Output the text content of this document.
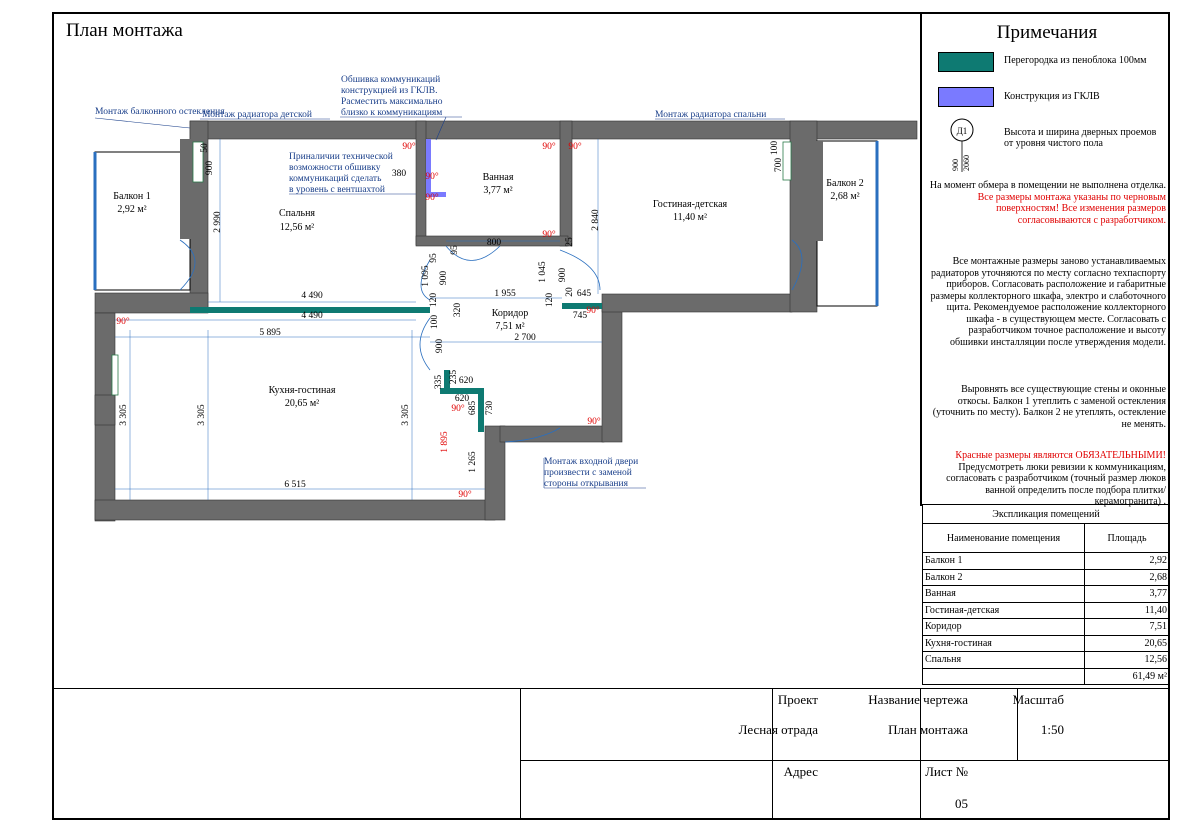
План монтажа
Балкон 1
2,92 м²
Балкон 2
2,68 м²
Спальня
12,56 м²
Ванная
3,77 м²
Гостиная-детская
11,40 м²
Коридор
7,51 м²
Кухня-гостиная
20,65 м²
Монтаж балконного остекления
Монтаж радиатора детской
Обшивка коммуникаций
конструкцией из ГКЛВ.
Расместить максимально
близко к коммуникациям
Приналичии технической
возможности обшивку
коммуникаций сделать
в уровень с вентшахтой
Монтаж радиатора спальни
Монтаж входной двери
произвести с заменой
стороны открывания
4 490
4 490
5 895
6 515
1 955
2 700
800
745
645
380
2 990	2 840
3 305	3 305	3 305
900
900
900
900
700
1 095	1 045
1 265
50	100
95
95
25
120	120
100
20
320
335 235 620
620
685 730
1 895
90°
90°
90°
90°
90°
90° 90°
90°
90°
90°
90°
Примечания
Перегородка из пеноблока 100мм
Конструкция из ГКЛВ
Д1
900 2060
Высота и ширина дверных проемов от уровня чистого пола
На момент обмера в помещении не выполнена отделка.
Все размеры монтажа указаны по черновым поверхностям! Все изменения размеров согласовываются с разработчиком.
Все монтажные размеры заново устанавливаемых радиаторов уточняются по месту согласно техпаспорту приборов. Согласовать расположение и габаритные размеры коллекторного шкафа, электро и слаботочного щита. Рекомендуемое расположение коллекторного шкафа - в существующем месте. Согласовать с разработчиком точное расположение и высоту обшивки инсталляции после утверждения модели.
Выровнять все существующие стены и оконные откосы. Балкон 1 утеплить с заменой остекления (уточнить по месту). Балкон 2 не утеплять, остекление не менять.
Красные размеры являются ОБЯЗАТЕЛЬНЫМИ!
Предусмотреть люки ревизии к коммуникациям, согласовать с разработчиком (точный размер люков ванной определить после подбора плитки/керамогранита) .
Экспликация помещений	
Наименование помещения	Площадь
Балкон 1	2,92
Балкон 2	2,68
Ванная	3,77
Гостиная-детская	11,40
Коридор	7,51
Кухня-гостиная	20,65
Спальня	12,56
	61,49 м²
Проект
Лесная отрада
Название чертежа
План монтажа
Масштаб
1:50
Адрес	Лист №
05
